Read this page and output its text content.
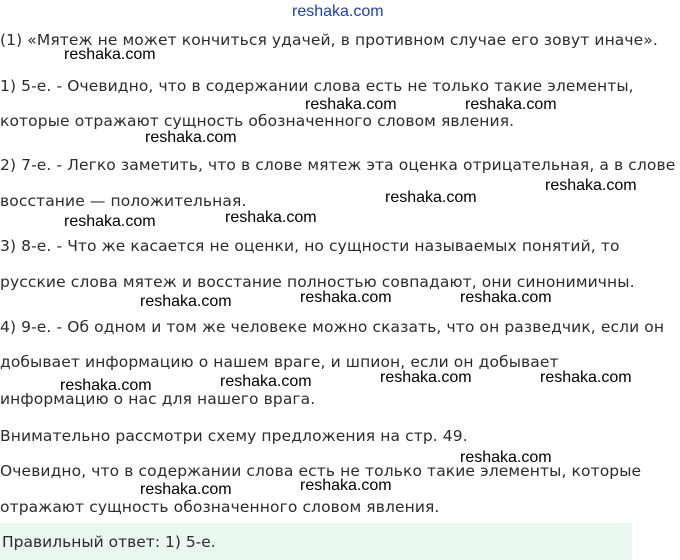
reshaka.com

(1) «Мятеж не может кончиться удачей, в противном случае его зовут иначе».

1) 5-е. - Очевидно, что в содержании слова есть не только такие элементы,

которые отражают сущность обозначенного словом явления.

2) 7-е. - Легко заметить, что в слове мятеж эта оценка отрицательная, а в слове

восстание — положительная.

3) 8-е. - Что же касается не оценки, но сущности называемых понятий, то

русские слова мятеж и восстание полностью совпадают, они синонимичны.

4) 9-е. - Об одном и том же человеке можно сказать, что он разведчик, если он

добывает информацию о нашем враге, и шпион, если он добывает

информацию о нас для нашего врага.

Внимательно рассмотри схему предложения на стр. 49.

Очевидно, что в содержании слова есть не только такие элементы, которые

отражают сущность обозначенного словом явления.

Правильный ответ: 1) 5-е.

reshaka.com

reshaka.com	reshaka.com

reshaka.com

reshaka.com

reshaka.com

reshaka.com

reshaka.com

reshaka.com	reshaka.com

reshaka.com

reshaka.com	reshaka.com

reshaka.com

reshaka.com

reshaka.com

reshaka.com

reshaka.com
